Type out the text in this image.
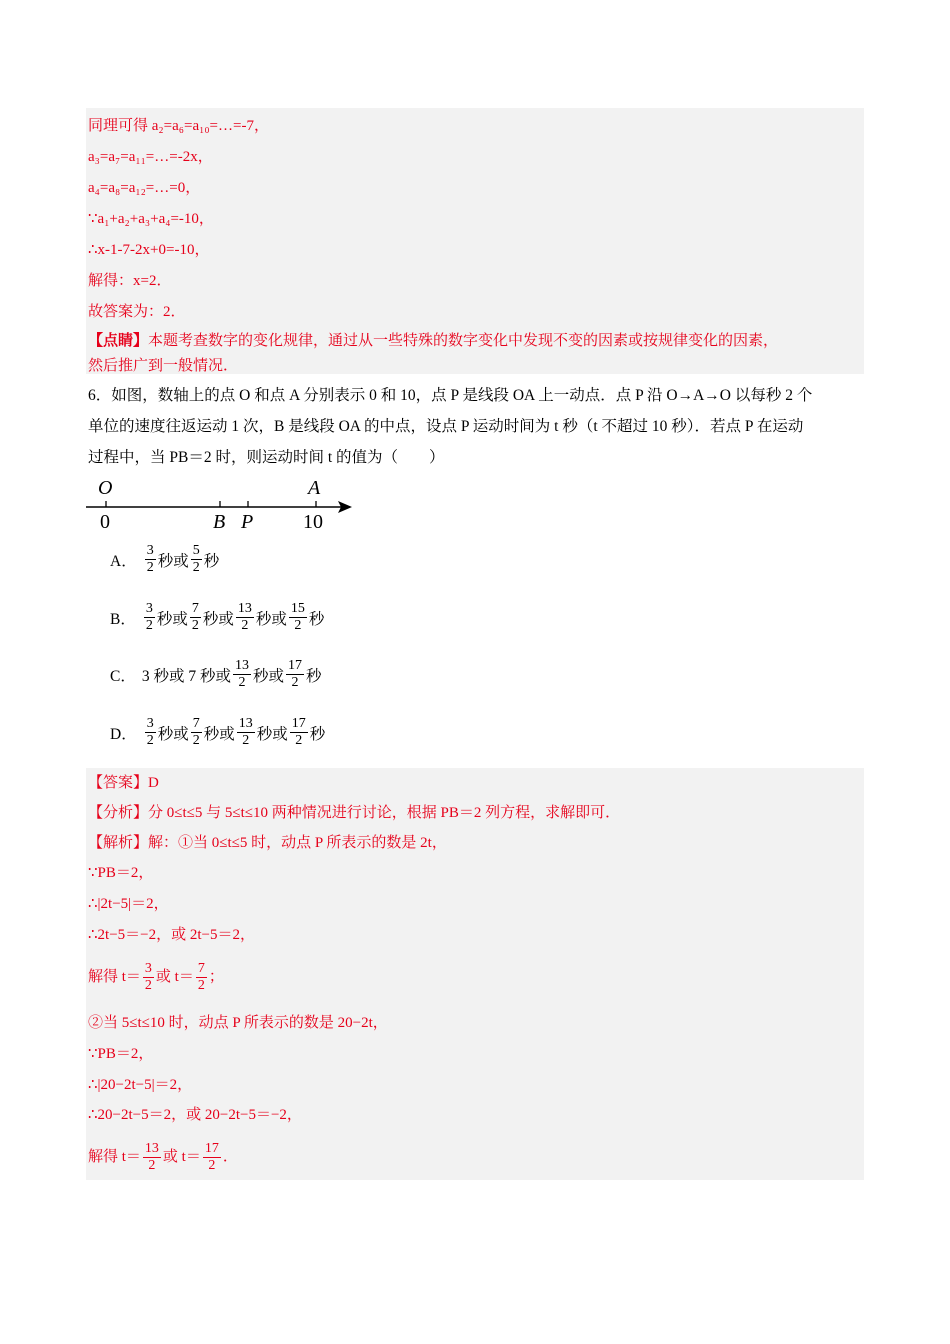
同理可得 a₂=a₆=a₁₀=…=-7，
a₃=a₇=a₁₁=…=-2x，
a₄=a₈=a₁₂=…=0，
∵a₁+a₂+a₃+a₄=-10，
∴x-1-7-2x+0=-10，
解得：x=2．
故答案为：2．
【点睛】本题考查数字的变化规律，通过从一些特殊的数字变化中发现不变的因素或按规律变化的因素，
然后推广到一般情况．
6．如图，数轴上的点 O 和点 A 分别表示 0 和 10，点 P 是线段 OA 上一动点．点 P 沿 O→A→O 以每秒 2 个
单位的速度往返运动 1 次，B 是线段 OA 的中点，设点 P 运动时间为 t 秒（t 不超过 10 秒）．若点 P 在运动
过程中，当 PB＝2 时，则运动时间 t 的值为（　　）
O	A
0	B P 10
A． $\frac{3}{2}$ 秒或 $\frac{5}{2}$ 秒
B． $\frac{3}{2}$ 秒或 $\frac{7}{2}$ 秒或 $\frac{13}{2}$ 秒或 $\frac{15}{2}$ 秒
C． 3 秒或 7 秒或 $\frac{13}{2}$ 秒或 $\frac{17}{2}$ 秒
D． $\frac{3}{2}$ 秒或 $\frac{7}{2}$ 秒或 $\frac{13}{2}$ 秒或 $\frac{17}{2}$ 秒
【答案】D
【分析】分 0≤t≤5 与 5≤t≤10 两种情况进行讨论，根据 PB＝2 列方程，求解即可．
【解析】解：①当 0≤t≤5 时，动点 P 所表示的数是 2t，
∵PB＝2，
∴|2t−5|＝2，
∴2t−5＝−2，或 2t−5＝2，
解得 $t= \frac{3}{2}$ 或 $t= \frac{7}{2}$ ；
②当 5≤t≤10 时，动点 P 所表示的数是 20−2t，
∵PB＝2，
∴|20−2t−5|＝2，
∴20−2t−5＝2，或 20−2t−5＝−2，
解得 $t= \frac{13}{2}$ 或 $t= \frac{17}{2}$ ．
